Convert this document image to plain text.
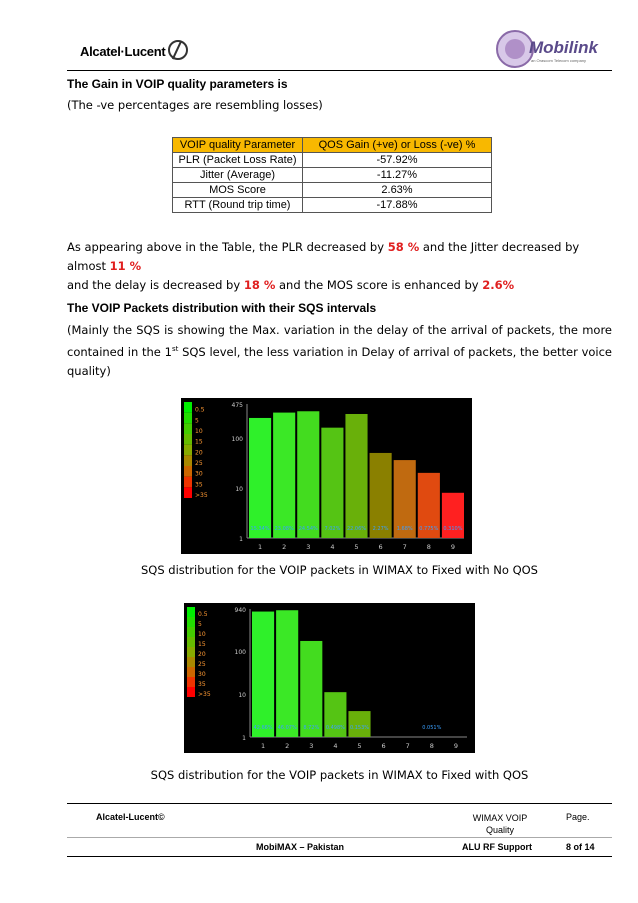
Alcatel·Lucent	Mobilink
an Orascom Telecom company
The Gain in VOIP quality parameters is
(The -ve percentages are resembling losses)
VOIP quality Parameter	QOS Gain (+ve) or Loss (-ve) %
PLR (Packet Loss Rate)	-57.92%
Jitter (Average)	-11.27%
MOS Score	2.63%
RTT (Round trip time)	-17.88%
As appearing above in the Table, the PLR decreased by 58 % and the Jitter decreased by almost 11 %
and the delay is decreased by 18 % and the MOS score is enhanced by 2.6%
The VOIP Packets distribution with their SQS intervals
(Mainly the SQS is showing the Max. variation in the delay of the arrival of packets, the more contained in the 1st SQS level, the less variation in Delay of arrival of packets, the better voice quality)
0.5
5
10
15
20
25
30
35
>35
475
100
10
1
1
15.34%
2
23.08%
3
24.54%
4
7.02%
5
22.06%
6
2.27%
7
1.68%
8
0.775%
9
0.310%
SQS distribution for the VOIP packets in WIMAX to Fixed with No QOS
0.5
5
10
15
20
25
30
35
>35
940
100
10
1
1
42.66%
2
46.07%
3
8.72%
4
0.498%
5
0.153%
6	7	8
0.051%
9
SQS distribution for the VOIP packets in WIMAX to Fixed with QOS
Alcatel-Lucent©	WIMAX VOIP
Quality
Page.
MobiMAX – Pakistan	ALU RF Support	8 of 14
